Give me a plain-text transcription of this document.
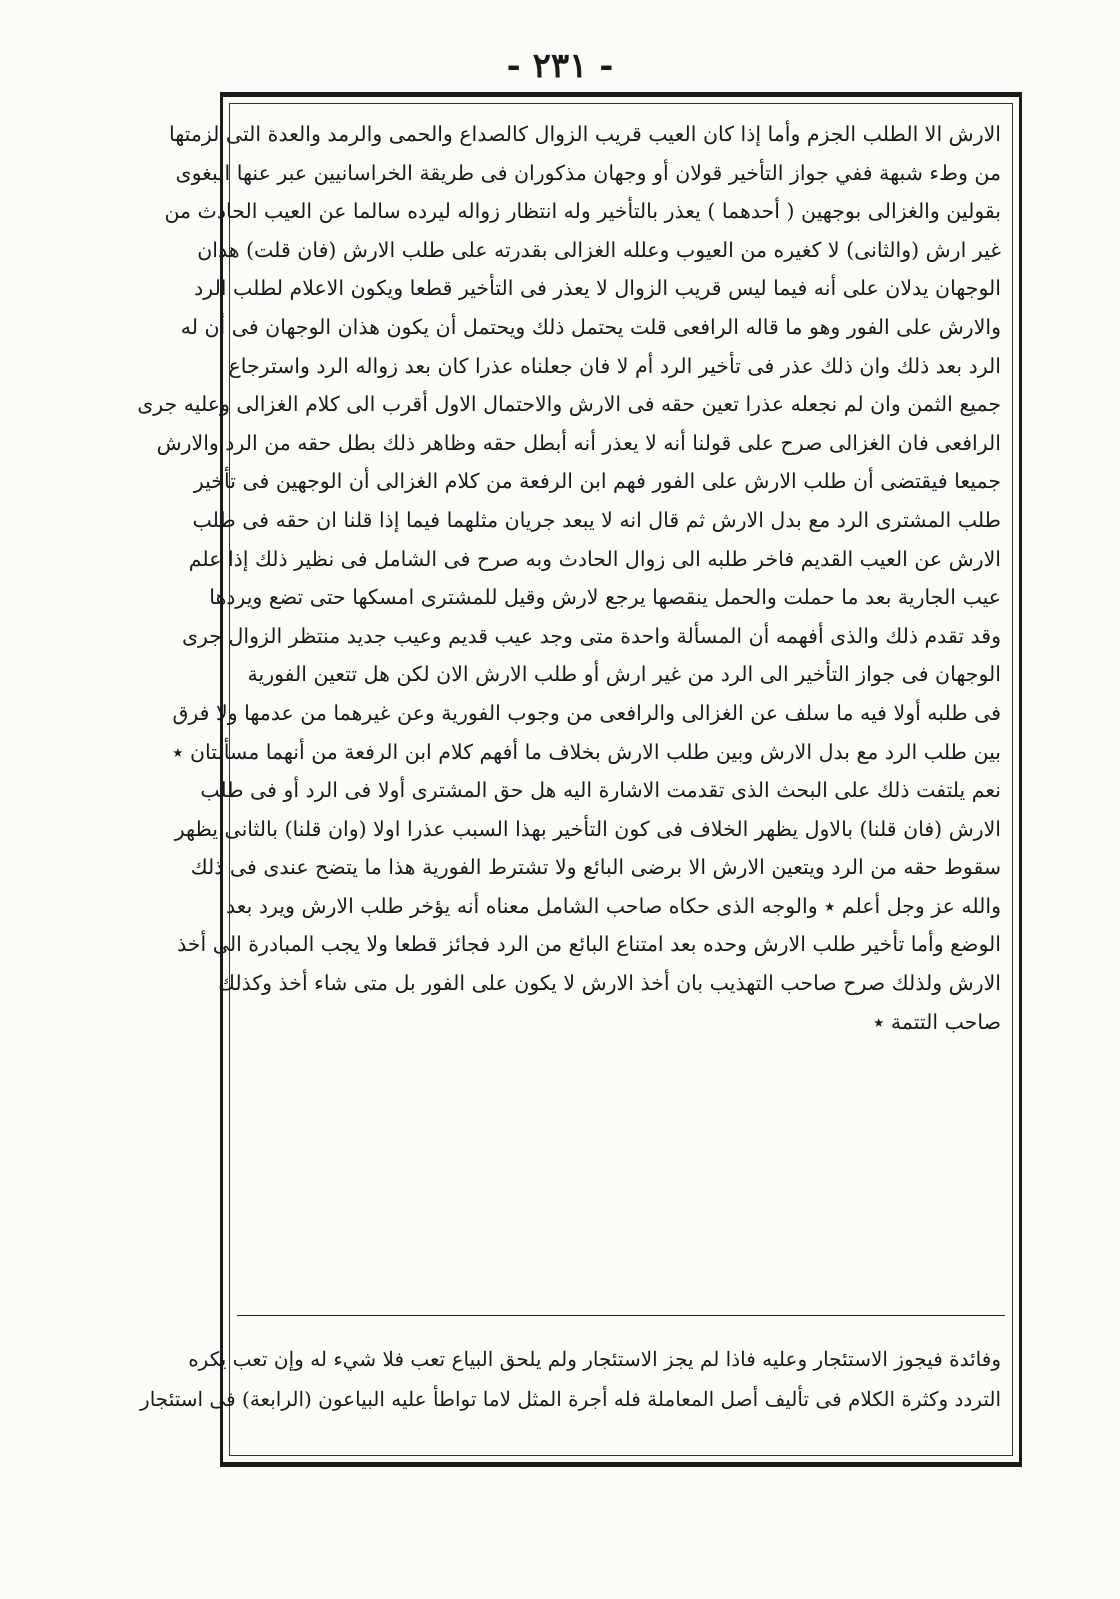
- ٢٣١ -
الارش الا الطلب الجزم وأما إذا كان العيب قريب الزوال كالصداع والحمى والرمد والعدة التى لزمتها
من وطء شبهة ففي جواز التأخير قولان أو وجهان مذكوران فى طريقة الخراسانيين عبر عنها البغوى
بقولين والغزالى بوجهين ( أحدهما ) يعذر بالتأخير وله انتظار زواله ليرده سالما عن العيب الحادث من
غير ارش (والثانى) لا كغيره من العيوب وعلله الغزالى بقدرته على طلب الارش (فان قلت) هذان
الوجهان يدلان على أنه فيما ليس قريب الزوال لا يعذر فى التأخير قطعا ويكون الاعلام لطلب الرد
والارش على الفور وهو ما قاله الرافعى قلت يحتمل ذلك ويحتمل أن يكون هذان الوجهان فى أن له
الرد بعد ذلك وان ذلك عذر فى تأخير الرد أم لا فان جعلناه عذرا كان بعد زواله الرد واسترجاع
جميع الثمن وان لم نجعله عذرا تعين حقه فى الارش والاحتمال الاول أقرب الى كلام الغزالى وعليه جرى
الرافعى فان الغزالى صرح على قولنا أنه لا يعذر أنه أبطل حقه وظاهر ذلك بطل حقه من الرد والارش
جميعا فيقتضى أن طلب الارش على الفور فهم ابن الرفعة من كلام الغزالى أن الوجهين فى تأخير
طلب المشترى الرد مع بدل الارش ثم قال انه لا يبعد جريان مثلهما فيما إذا قلنا ان حقه فى طلب
الارش عن العيب القديم فاخر طلبه الى زوال الحادث وبه صرح فى الشامل فى نظير ذلك إذا علم
عيب الجارية بعد ما حملت والحمل ينقصها يرجع لارش وقيل للمشترى امسكها حتى تضع ويردها
وقد تقدم ذلك والذى أفهمه أن المسألة واحدة متى وجد عيب قديم وعيب جديد منتظر الزوال جرى
الوجهان فى جواز التأخير الى الرد من غير ارش أو طلب الارش الان لكن هل تتعين الفورية
فى طلبه أولا فيه ما سلف عن الغزالى والرافعى من وجوب الفورية وعن غيرهما من عدمها ولا فرق
بين طلب الرد مع بدل الارش وبين طلب الارش بخلاف ما أفهم كلام ابن الرفعة من أنهما مسألتان ٭
نعم يلتفت ذلك على البحث الذى تقدمت الاشارة اليه هل حق المشترى أولا فى الرد أو فى طلب
الارش (فان قلنا) بالاول يظهر الخلاف فى كون التأخير بهذا السبب عذرا اولا (وان قلنا) بالثانى يظهر
سقوط حقه من الرد ويتعين الارش الا برضى البائع ولا تشترط الفورية هذا ما يتضح عندى فى ذلك
والله عز وجل أعلم ٭ والوجه الذى حكاه صاحب الشامل معناه أنه يؤخر طلب الارش ويرد بعد
الوضع وأما تأخير طلب الارش وحده بعد امتناع البائع من الرد فجائز قطعا ولا يجب المبادرة الى أخذ
الارش ولذلك صرح صاحب التهذيب بان أخذ الارش لا يكون على الفور بل متى شاء أخذ وكذلك
صاحب التتمة ٭
وفائدة فيجوز الاستئجار وعليه فاذا لم يجز الاستئجار ولم يلحق البياع تعب فلا شيء له وإن تعب يكره
التردد وكثرة الكلام فى تأليف أصل المعاملة فله أجرة المثل لاما تواطأ عليه البياعون (الرابعة) فى استئجار
